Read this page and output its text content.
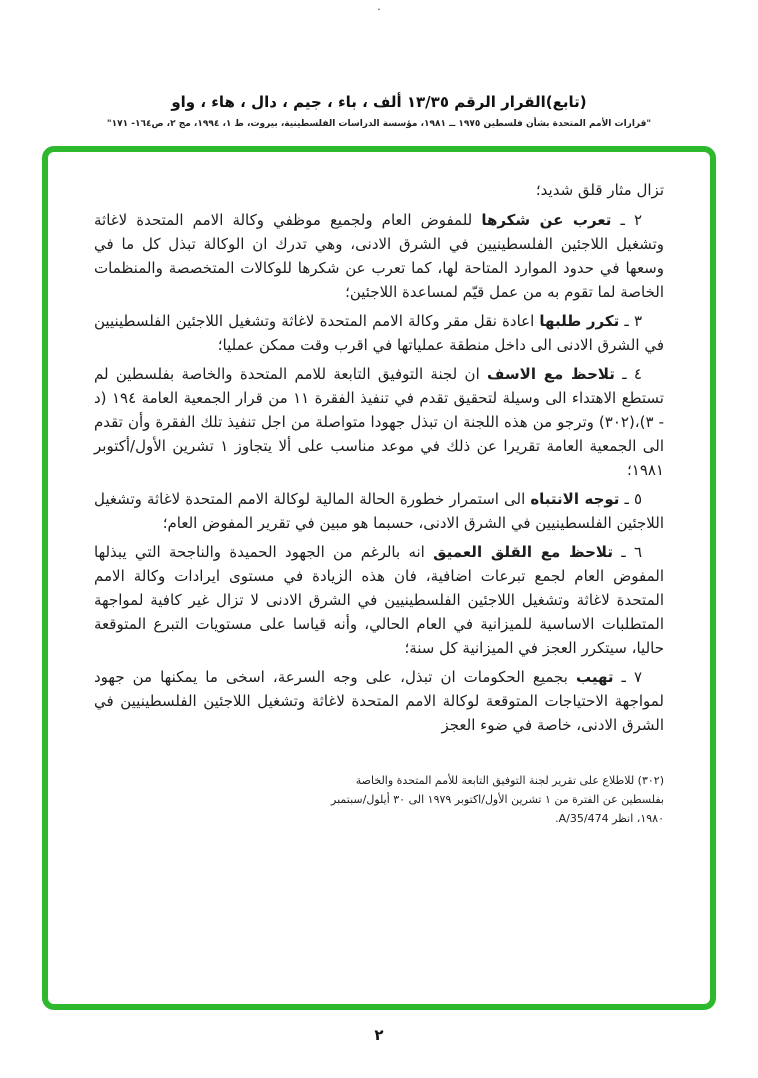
.
(تابع)القرار الرقم ١٣/٣٥ ألف ، باء ، جيم ، دال ، هاء ، واو
"قرارات الأمم المتحدة بشأن فلسطين ١٩٧٥ ــ ١٩٨١، مؤسسة الدراسات الفلسطينية، بيروت، ط ١، ١٩٩٤، مج ٢، ص١٦٤- ١٧١"

تزال مثار قلق شديد؛

٢ ـ تعرب عن شكرها للمفوض العام ولجميع موظفي وكالة الامم المتحدة لاغاثة وتشغيل اللاجئين الفلسطينيين في الشرق الادنى، وهي تدرك ان الوكالة تبذل كل ما في وسعها في حدود الموارد المتاحة لها، كما تعرب عن شكرها للوكالات المتخصصة والمنظمات الخاصة لما تقوم به من عمل قيّم لمساعدة اللاجئين؛

٣ ـ تكرر طلبها اعادة نقل مقر وكالة الامم المتحدة لاغاثة وتشغيل اللاجئين الفلسطينيين في الشرق الادنى الى داخل منطقة عملياتها في اقرب وقت ممكن عمليا؛

٤ ـ تلاحظ مع الاسف ان لجنة التوفيق التابعة للامم المتحدة والخاصة بفلسطين لم تستطع الاهتداء الى وسيلة لتحقيق تقدم في تنفيذ الفقرة ١١ من قرار الجمعية العامة ١٩٤ (د - ٣)،(٣٠٢) وترجو من هذه اللجنة ان تبذل جهودا متواصلة من اجل تنفيذ تلك الفقرة وأن تقدم الى الجمعية العامة تقريرا عن ذلك في موعد مناسب على ألا يتجاوز ١ تشرين الأول/أكتوبر ١٩٨١؛

٥ ـ توجه الانتباه الى استمرار خطورة الحالة المالية لوكالة الامم المتحدة لاغاثة وتشغيل اللاجئين الفلسطينيين في الشرق الادنى، حسبما هو مبين في تقرير المفوض العام؛

٦ ـ تلاحظ مع القلق العميق انه بالرغم من الجهود الحميدة والناجحة التي يبذلها المفوض العام لجمع تبرعات اضافية، فان هذه الزيادة في مستوى ايرادات وكالة الامم المتحدة لاغاثة وتشغيل اللاجئين الفلسطينيين في الشرق الادنى لا تزال غير كافية لمواجهة المتطلبات الاساسية للميزانية في العام الحالي، وأنه قياسا على مستويات التبرع المتوقعة حاليا، سيتكرر العجز في الميزانية كل سنة؛

٧ ـ تهيب بجميع الحكومات ان تبذل، على وجه السرعة، اسخى ما يمكنها من جهود لمواجهة الاحتياجات المتوقعة لوكالة الامم المتحدة لاغاثة وتشغيل اللاجئين الفلسطينيين في الشرق الادنى، خاصة في ضوء العجز

(٣٠٢) للاطلاع على تقرير لجنة التوفيق التابعة للأمم المتحدة والخاصة بفلسطين عن الفترة من ١ تشرين الأول/اكتوبر ١٩٧٩ الى ٣٠ أيلول/سبتمبر ١٩٨٠، انظر A/35/474.
٢
